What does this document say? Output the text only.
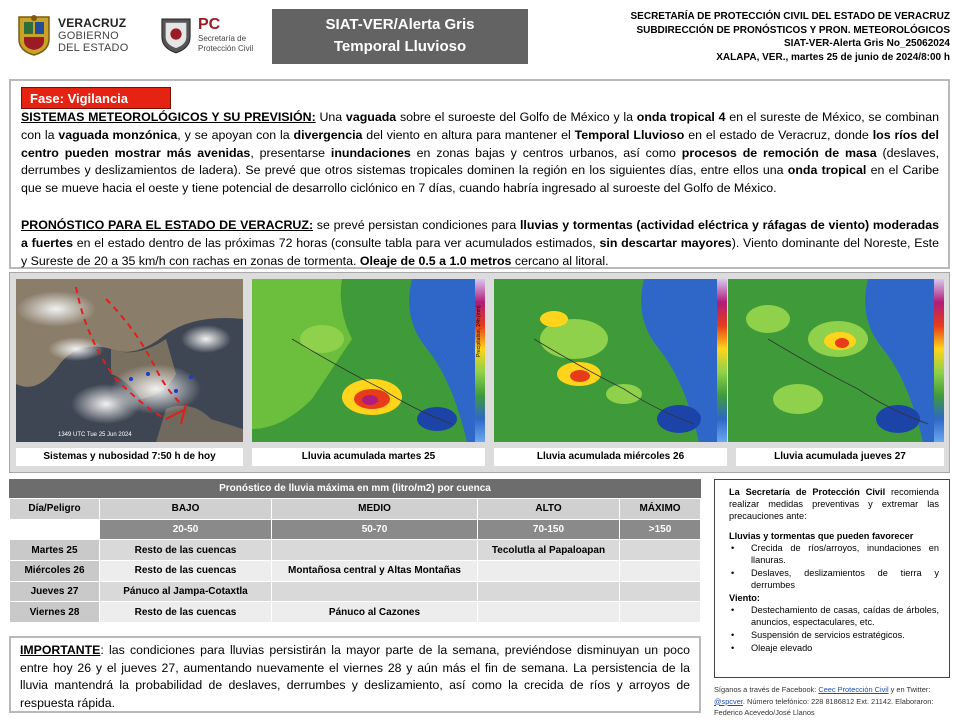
VERACRUZ
GOBIERNO
DEL ESTADO
PC
Secretaría de
Protección Civil
SIAT-VER/Alerta Gris
Temporal Lluvioso
SECRETARÍA DE PROTECCIÓN CIVIL DEL ESTADO DE VERACRUZ
SUBDIRECCIÓN DE PRONÓSTICOS Y PRON. METEOROLÓGICOS
SIAT-VER-Alerta Gris No_25062024
XALAPA, VER., martes 25 de junio de 2024/8:00 h
Fase: Vigilancia

SISTEMAS METEOROLÓGICOS Y SU PREVISIÓN: Una vaguada sobre el suroeste del Golfo de México y la onda tropical 4 en el sureste de México, se combinan con la vaguada monzónica, y se apoyan con la divergencia del viento en altura para mantener el Temporal Lluvioso en el estado de Veracruz, donde los ríos del centro pueden mostrar más avenidas, presentarse inundaciones en zonas bajas y centros urbanos, así como procesos de remoción de masa (deslaves, derrumbes y deslizamientos de ladera). Se prevé que otros sistemas tropicales dominen la región en los siguientes días, entre ellos una onda tropical en el Caribe que se mueve hacia el oeste y tiene potencial de desarrollo ciclónico en 7 días, cuando habría ingresado al suroeste del Golfo de México.

PRONÓSTICO PARA EL ESTADO DE VERACRUZ: se prevé persistan condiciones para lluvias y tormentas (actividad eléctrica y ráfagas de viento) moderadas a fuertes en el estado dentro de las próximas 72 horas (consulte tabla para ver acumulados estimados, sin descartar mayores). Viento dominante del Noreste, Este y Sureste de 20 a 35 km/h con rachas en zonas de tormenta. Oleaje de 0.5 a 1.0 metros cercano al litoral.

1349 UTC Tue 25 Jun 2024
Sistemas y nubosidad 7:50 h de hoy	Lluvia acumulada martes 25	Lluvia acumulada miércoles 26	Lluvia acumulada jueves 27
Precipitation, 24h (mm)
Pronóstico de lluvia máxima en mm (litro/m2) por cuenca
Día/Peligro	BAJO	MEDIO	ALTO	MÁXIMO
	20-50	50-70	70-150	>150
Martes 25	Resto de las cuencas		Tecolutla al Papaloapan	
Miércoles 26	Resto de las cuencas	Montañosa central y Altas Montañas		
Jueves 27	Pánuco al Jampa-Cotaxtla			
Viernes 28	Resto de las cuencas	Pánuco al Cazones		
IMPORTANTE: las condiciones para lluvias persistirán la mayor parte de la semana, previéndose disminuyan un poco entre hoy 26 y el jueves 27, aumentando nuevamente el viernes 28 y aún más el fin de semana. La persistencia de la lluvia mantendrá la probabilidad de deslaves, derrumbes y deslizamiento, así como la crecida de ríos y arroyos de respuesta rápida.

La Secretaría de Protección Civil recomienda realizar medidas preventivas y extremar las precauciones ante:

Lluvias y tormentas que pueden favorecer

• Crecida de ríos/arroyos, inundaciones en llanuras.
• Deslaves, deslizamientos de tierra y derrumbes

Viento:

• Destechamiento de casas, caídas de árboles, anuncios, espectaculares, etc.
• Suspensión de servicios estratégicos.
• Oleaje elevado
Síganos a través de Facebook: Ceec Protección Civil y en Twitter: @spcver. Número telefónico: 228 8186812 Ext. 21142. Elaboraron: Federico Acevedo/José Llanos
